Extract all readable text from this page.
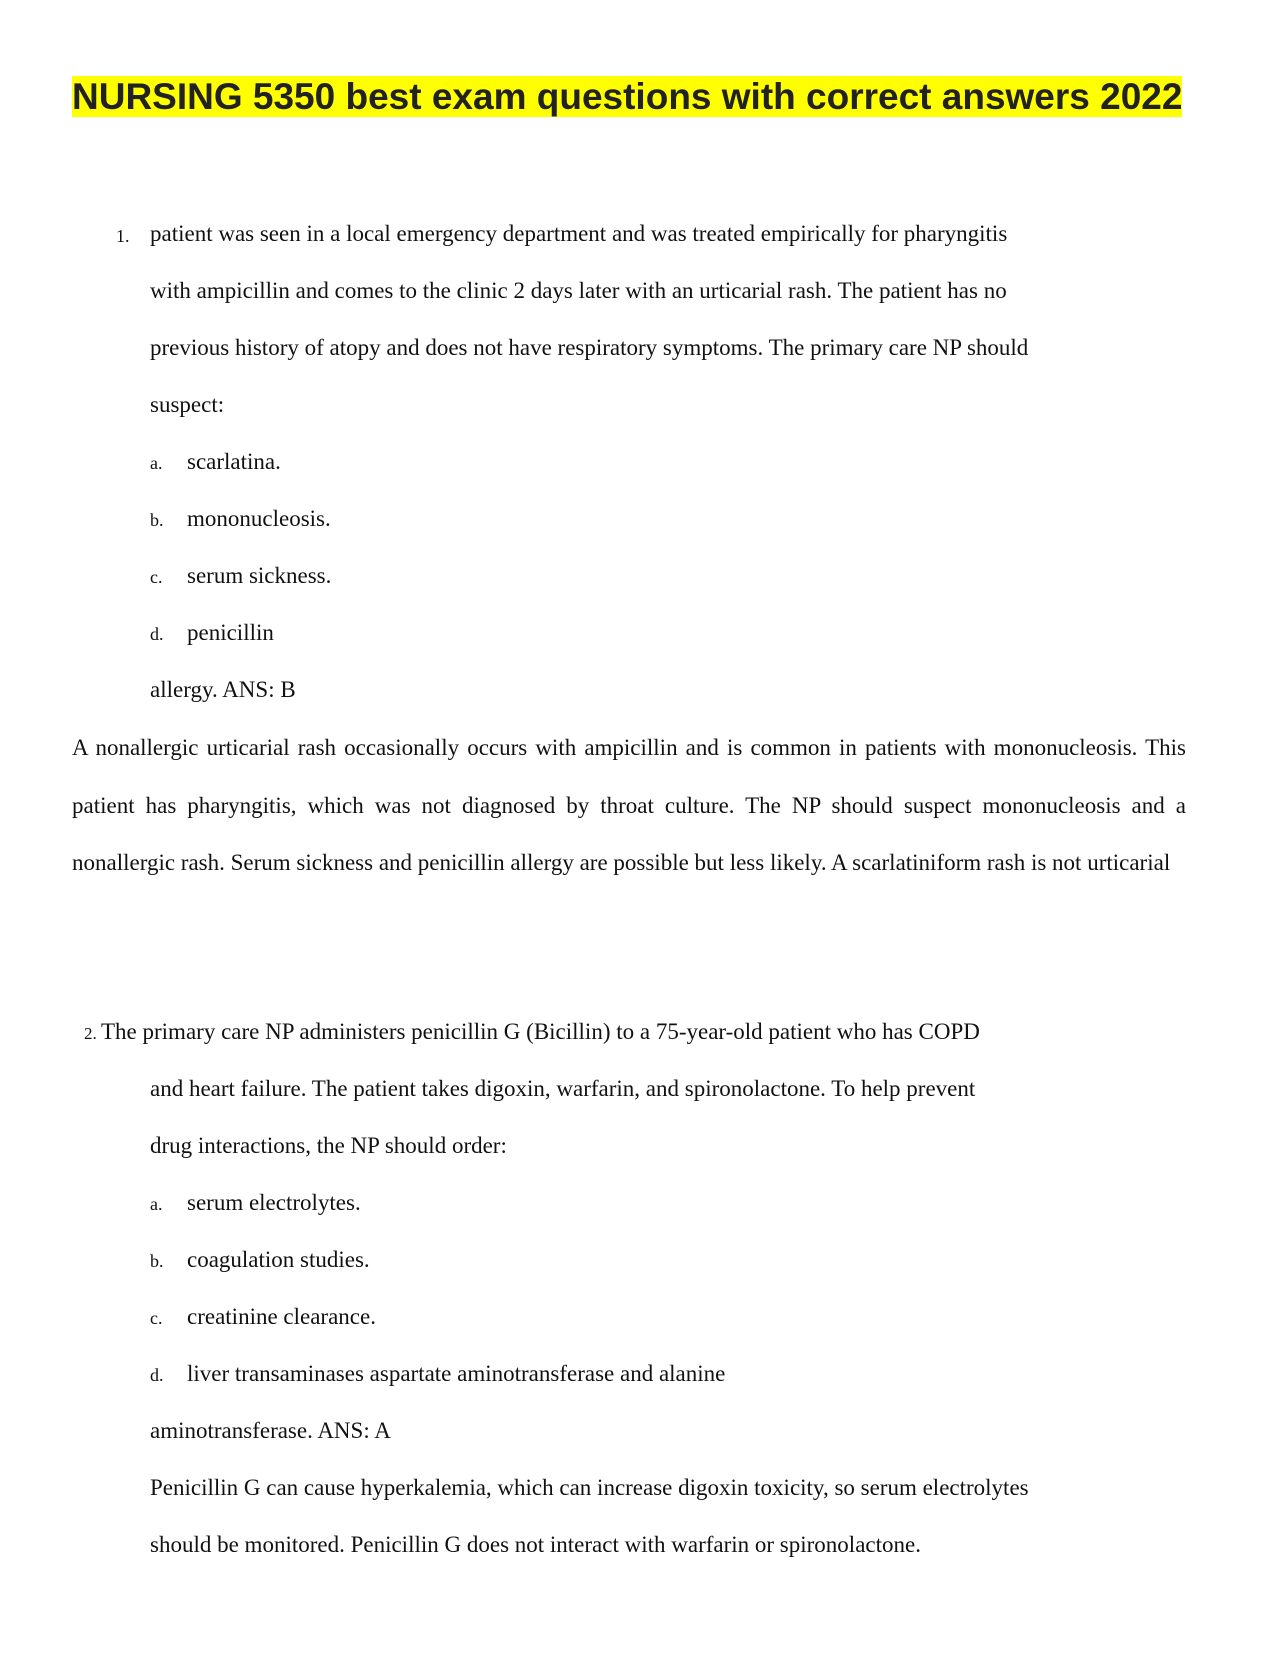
NURSING 5350 best exam questions with correct answers 2022
1. patient was seen in a local emergency department and was treated empirically for pharyngitis
with ampicillin and comes to the clinic 2 days later with an urticarial rash. The patient has no
previous history of atopy and does not have respiratory symptoms. The primary care NP should
suspect:
a. scarlatina.
b. mononucleosis.
c. serum sickness.
d. penicillin
allergy. ANS: B

A nonallergic urticarial rash occasionally occurs with ampicillin and is common in patients with mononucleosis. This patient has pharyngitis, which was not diagnosed by throat culture. The NP should suspect mononucleosis and a nonallergic rash. Serum sickness and penicillin allergy are possible but less likely. A scarlatiniform rash is not urticarial

2. The primary care NP administers penicillin G (Bicillin) to a 75-year-old patient who has COPD
and heart failure. The patient takes digoxin, warfarin, and spironolactone. To help prevent
drug interactions, the NP should order:
a. serum electrolytes.
b. coagulation studies.
c. creatinine clearance.
d. liver transaminases aspartate aminotransferase and alanine
aminotransferase. ANS: A
Penicillin G can cause hyperkalemia, which can increase digoxin toxicity, so serum electrolytes
should be monitored. Penicillin G does not interact with warfarin or spironolactone.
